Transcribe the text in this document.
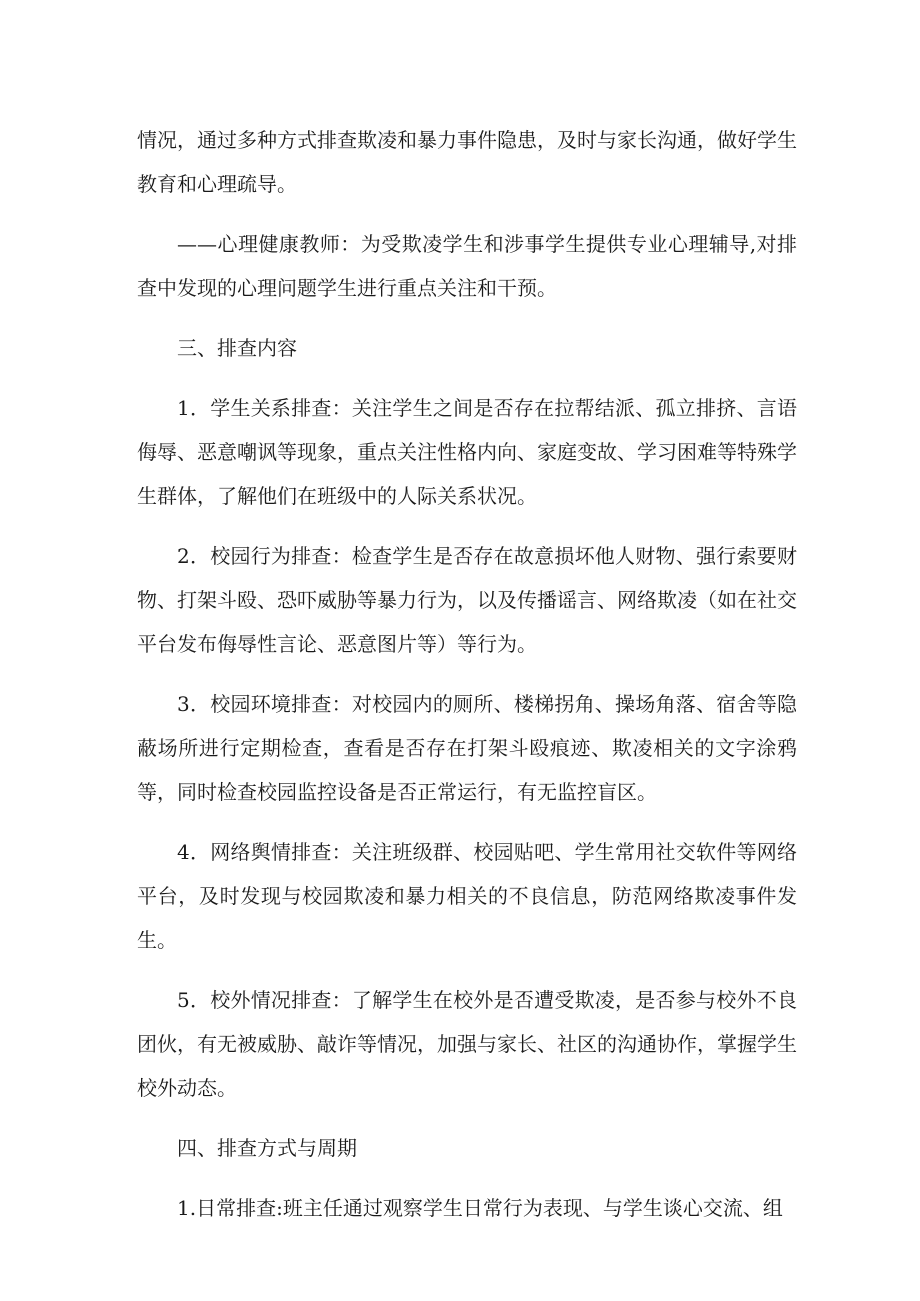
情况，通过多种方式排查欺凌和暴力事件隐患，及时与家长沟通，做好学生教育和心理疏导。

——心理健康教师：为受欺凌学生和涉事学生提供专业心理辅导,对排查中发现的心理问题学生进行重点关注和干预。

三、排查内容

1．学生关系排查：关注学生之间是否存在拉帮结派、孤立排挤、言语侮辱、恶意嘲讽等现象，重点关注性格内向、家庭变故、学习困难等特殊学生群体，了解他们在班级中的人际关系状况。

2．校园行为排查：检查学生是否存在故意损坏他人财物、强行索要财物、打架斗殴、恐吓威胁等暴力行为，以及传播谣言、网络欺凌（如在社交平台发布侮辱性言论、恶意图片等）等行为。

3．校园环境排查：对校园内的厕所、楼梯拐角、操场角落、宿舍等隐蔽场所进行定期检查，查看是否存在打架斗殴痕迹、欺凌相关的文字涂鸦等，同时检查校园监控设备是否正常运行，有无监控盲区。

4．网络舆情排查：关注班级群、校园贴吧、学生常用社交软件等网络平台，及时发现与校园欺凌和暴力相关的不良信息，防范网络欺凌事件发生。

5．校外情况排查：了解学生在校外是否遭受欺凌，是否参与校外不良团伙，有无被威胁、敲诈等情况，加强与家长、社区的沟通协作，掌握学生校外动态。

四、排查方式与周期

1.日常排查:班主任通过观察学生日常行为表现、与学生谈心交流、组
